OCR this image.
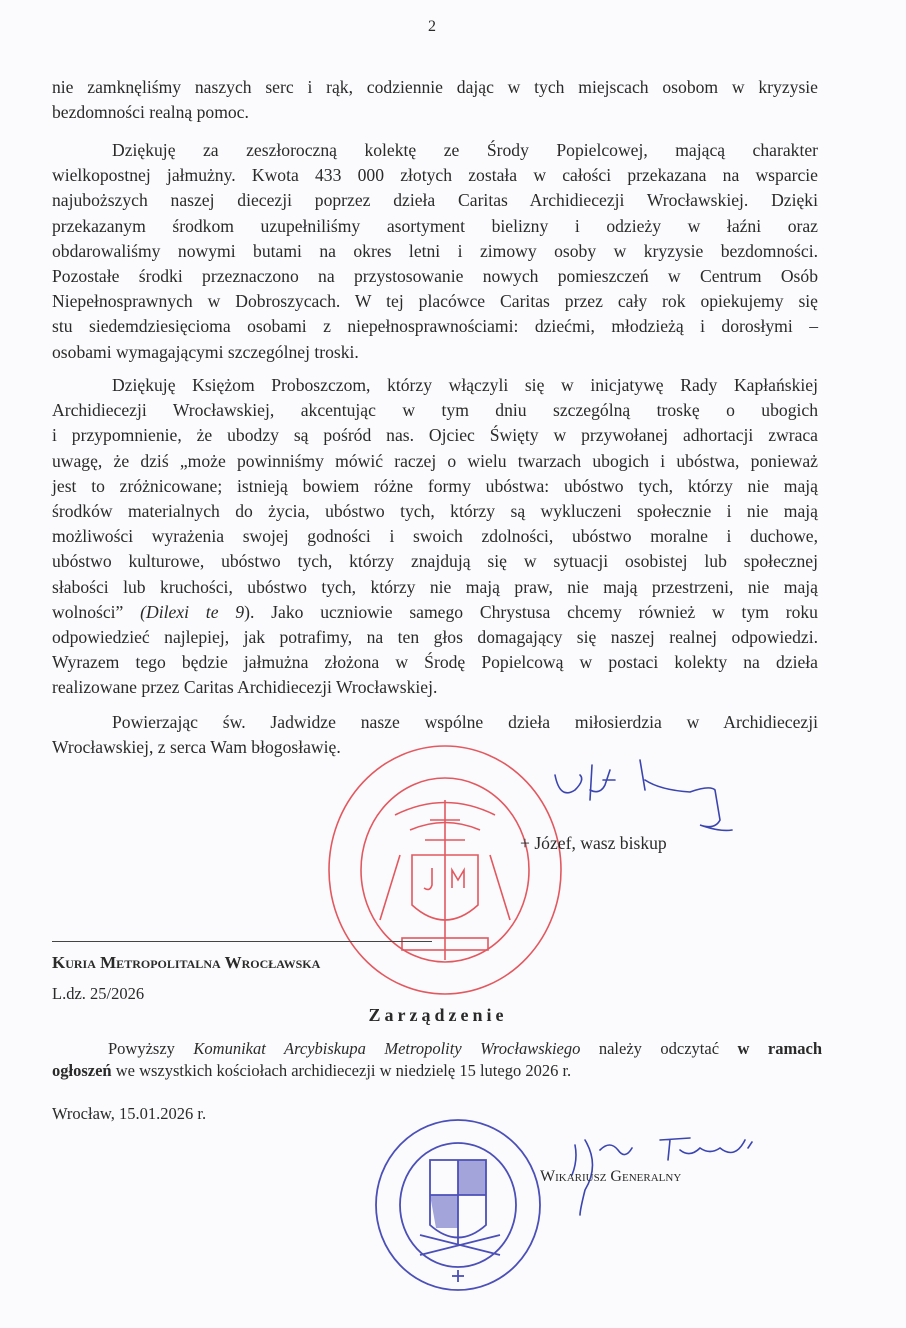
2
nie zamknęliśmy naszych serc i rąk, codziennie dając w tych miejscach osobom w kryzysie
bezdomności realną pomoc.
Dziękuję za zeszłoroczną kolektę ze Środy Popielcowej, mającą charakter
wielkopostnej jałmużny. Kwota 433 000 złotych została w całości przekazana na wsparcie
najuboższych naszej diecezji poprzez dzieła Caritas Archidiecezji Wrocławskiej. Dzięki
przekazanym środkom uzupełniliśmy asortyment bielizny i odzieży w łaźni oraz
obdarowaliśmy nowymi butami na okres letni i zimowy osoby w kryzysie bezdomności.
Pozostałe środki przeznaczono na przystosowanie nowych pomieszczeń w Centrum Osób
Niepełnosprawnych w Dobroszycach. W tej placówce Caritas przez cały rok opiekujemy się
stu siedemdziesięcioma osobami z niepełnosprawnościami: dziećmi, młodzieżą i dorosłymi –
osobami wymagającymi szczególnej troski.
Dziękuję Księżom Proboszczom, którzy włączyli się w inicjatywę Rady Kapłańskiej
Archidiecezji Wrocławskiej, akcentując w tym dniu szczególną troskę o ubogich
i przypomnienie, że ubodzy są pośród nas. Ojciec Święty w przywołanej adhortacji zwraca
uwagę, że dziś „może powinniśmy mówić raczej o wielu twarzach ubogich i ubóstwa, ponieważ
jest to zróżnicowane; istnieją bowiem różne formy ubóstwa: ubóstwo tych, którzy nie mają
środków materialnych do życia, ubóstwo tych, którzy są wykluczeni społecznie i nie mają
możliwości wyrażenia swojej godności i swoich zdolności, ubóstwo moralne i duchowe,
ubóstwo kulturowe, ubóstwo tych, którzy znajdują się w sytuacji osobistej lub społecznej
słabości lub kruchości, ubóstwo tych, którzy nie mają praw, nie mają przestrzeni, nie mają
wolności” (Dilexi te 9). Jako uczniowie samego Chrystusa chcemy również w tym roku
odpowiedzieć najlepiej, jak potrafimy, na ten głos domagający się naszej realnej odpowiedzi.
Wyrazem tego będzie jałmużna złożona w Środę Popielcową w postaci kolekty na dzieła
realizowane przez Caritas Archidiecezji Wrocławskiej.
Powierzając św. Jadwidze nasze wspólne dzieła miłosierdzia w Archidiecezji
Wrocławskiej, z serca Wam błogosławię.
+ Józef, wasz biskup
Kuria Metropolitalna Wrocławska
L.dz. 25/2026
Zarządzenie
Powyższy Komunikat Arcybiskupa Metropolity Wrocławskiego należy odczytać w ramach
ogłoszeń we wszystkich kościołach archidiecezji w niedzielę 15 lutego 2026 r.
Wrocław, 15.01.2026 r.
Wikariusz Generalny
